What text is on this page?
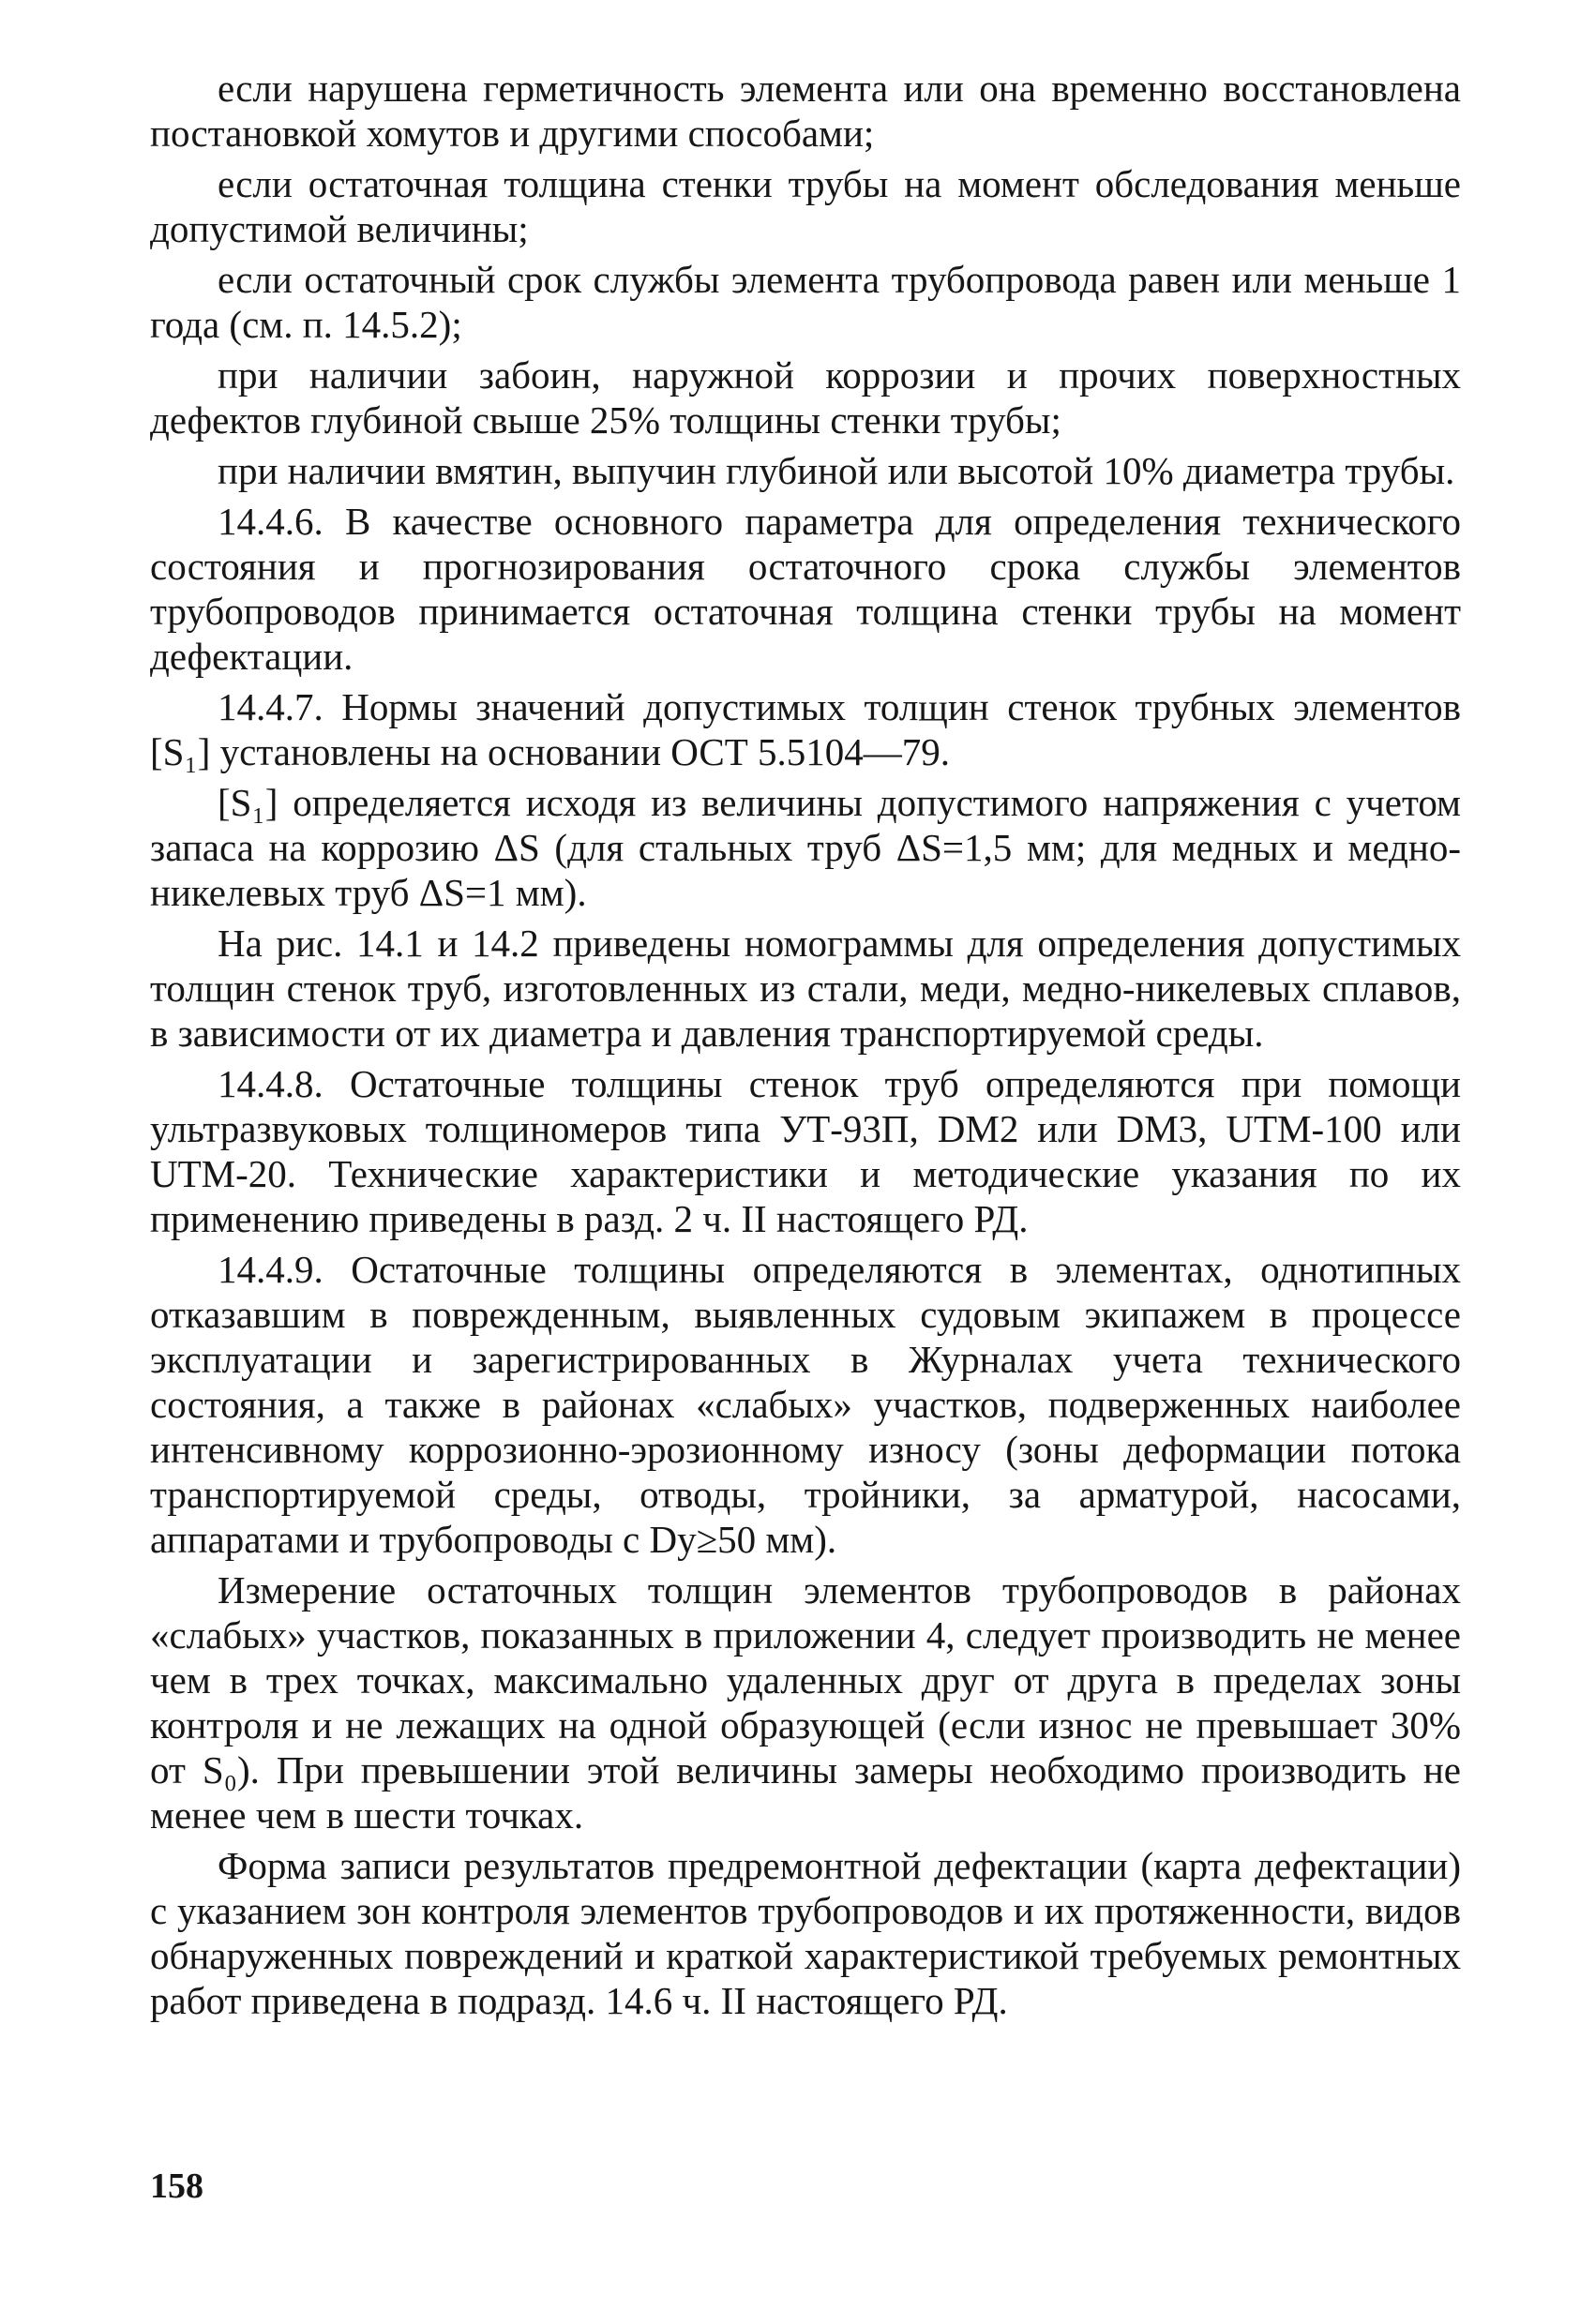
если нарушена герметичность элемента или она временно восстановлена постановкой хомутов и другими способами;

если остаточная толщина стенки трубы на момент обследования меньше допустимой величины;

если остаточный срок службы элемента трубопровода равен или меньше 1 года (см. п. 14.5.2);

при наличии забоин, наружной коррозии и прочих поверхностных дефектов глубиной свыше 25% толщины стенки трубы;

при наличии вмятин, выпучин глубиной или высотой 10% диаметра трубы.

14.4.6. В качестве основного параметра для определения технического состояния и прогнозирования остаточного срока службы элементов трубопроводов принимается остаточная толщина стенки трубы на момент дефектации.

14.4.7. Нормы значений допустимых толщин стенок трубных элементов [S₁] установлены на основании ОСТ 5.5104—79.

[S₁] определяется исходя из величины допустимого напряжения с учетом запаса на коррозию ΔS (для стальных труб ΔS=1,5 мм; для медных и медно-никелевых труб ΔS=1 мм).

На рис. 14.1 и 14.2 приведены номограммы для определения допустимых толщин стенок труб, изготовленных из стали, меди, медно-никелевых сплавов, в зависимости от их диаметра и давления транспортируемой среды.

14.4.8. Остаточные толщины стенок труб определяются при помощи ультразвуковых толщиномеров типа УТ-93П, DM2 или DM3, UTM-100 или UTM-20. Технические характеристики и методические указания по их применению приведены в разд. 2 ч. II настоящего РД.

14.4.9. Остаточные толщины определяются в элементах, однотипных отказавшим в поврежденным, выявленных судовым экипажем в процессе эксплуатации и зарегистрированных в Журналах учета технического состояния, а также в районах «слабых» участков, подверженных наиболее интенсивному коррозионно-эрозионному износу (зоны деформации потока транспортируемой среды, отводы, тройники, за арматурой, насосами, аппаратами и трубопроводы с Dу≥50 мм).

Измерение остаточных толщин элементов трубопроводов в районах «слабых» участков, показанных в приложении 4, следует производить не менее чем в трех точках, максимально удаленных друг от друга в пределах зоны контроля и не лежащих на одной образующей (если износ не превышает 30% от S₀). При превышении этой величины замеры необходимо производить не менее чем в шести точках.

Форма записи результатов предремонтной дефектации (карта дефектации) с указанием зон контроля элементов трубопроводов и их протяженности, видов обнаруженных повреждений и краткой характеристикой требуемых ремонтных работ приведена в подразд. 14.6 ч. II настоящего РД.

158
